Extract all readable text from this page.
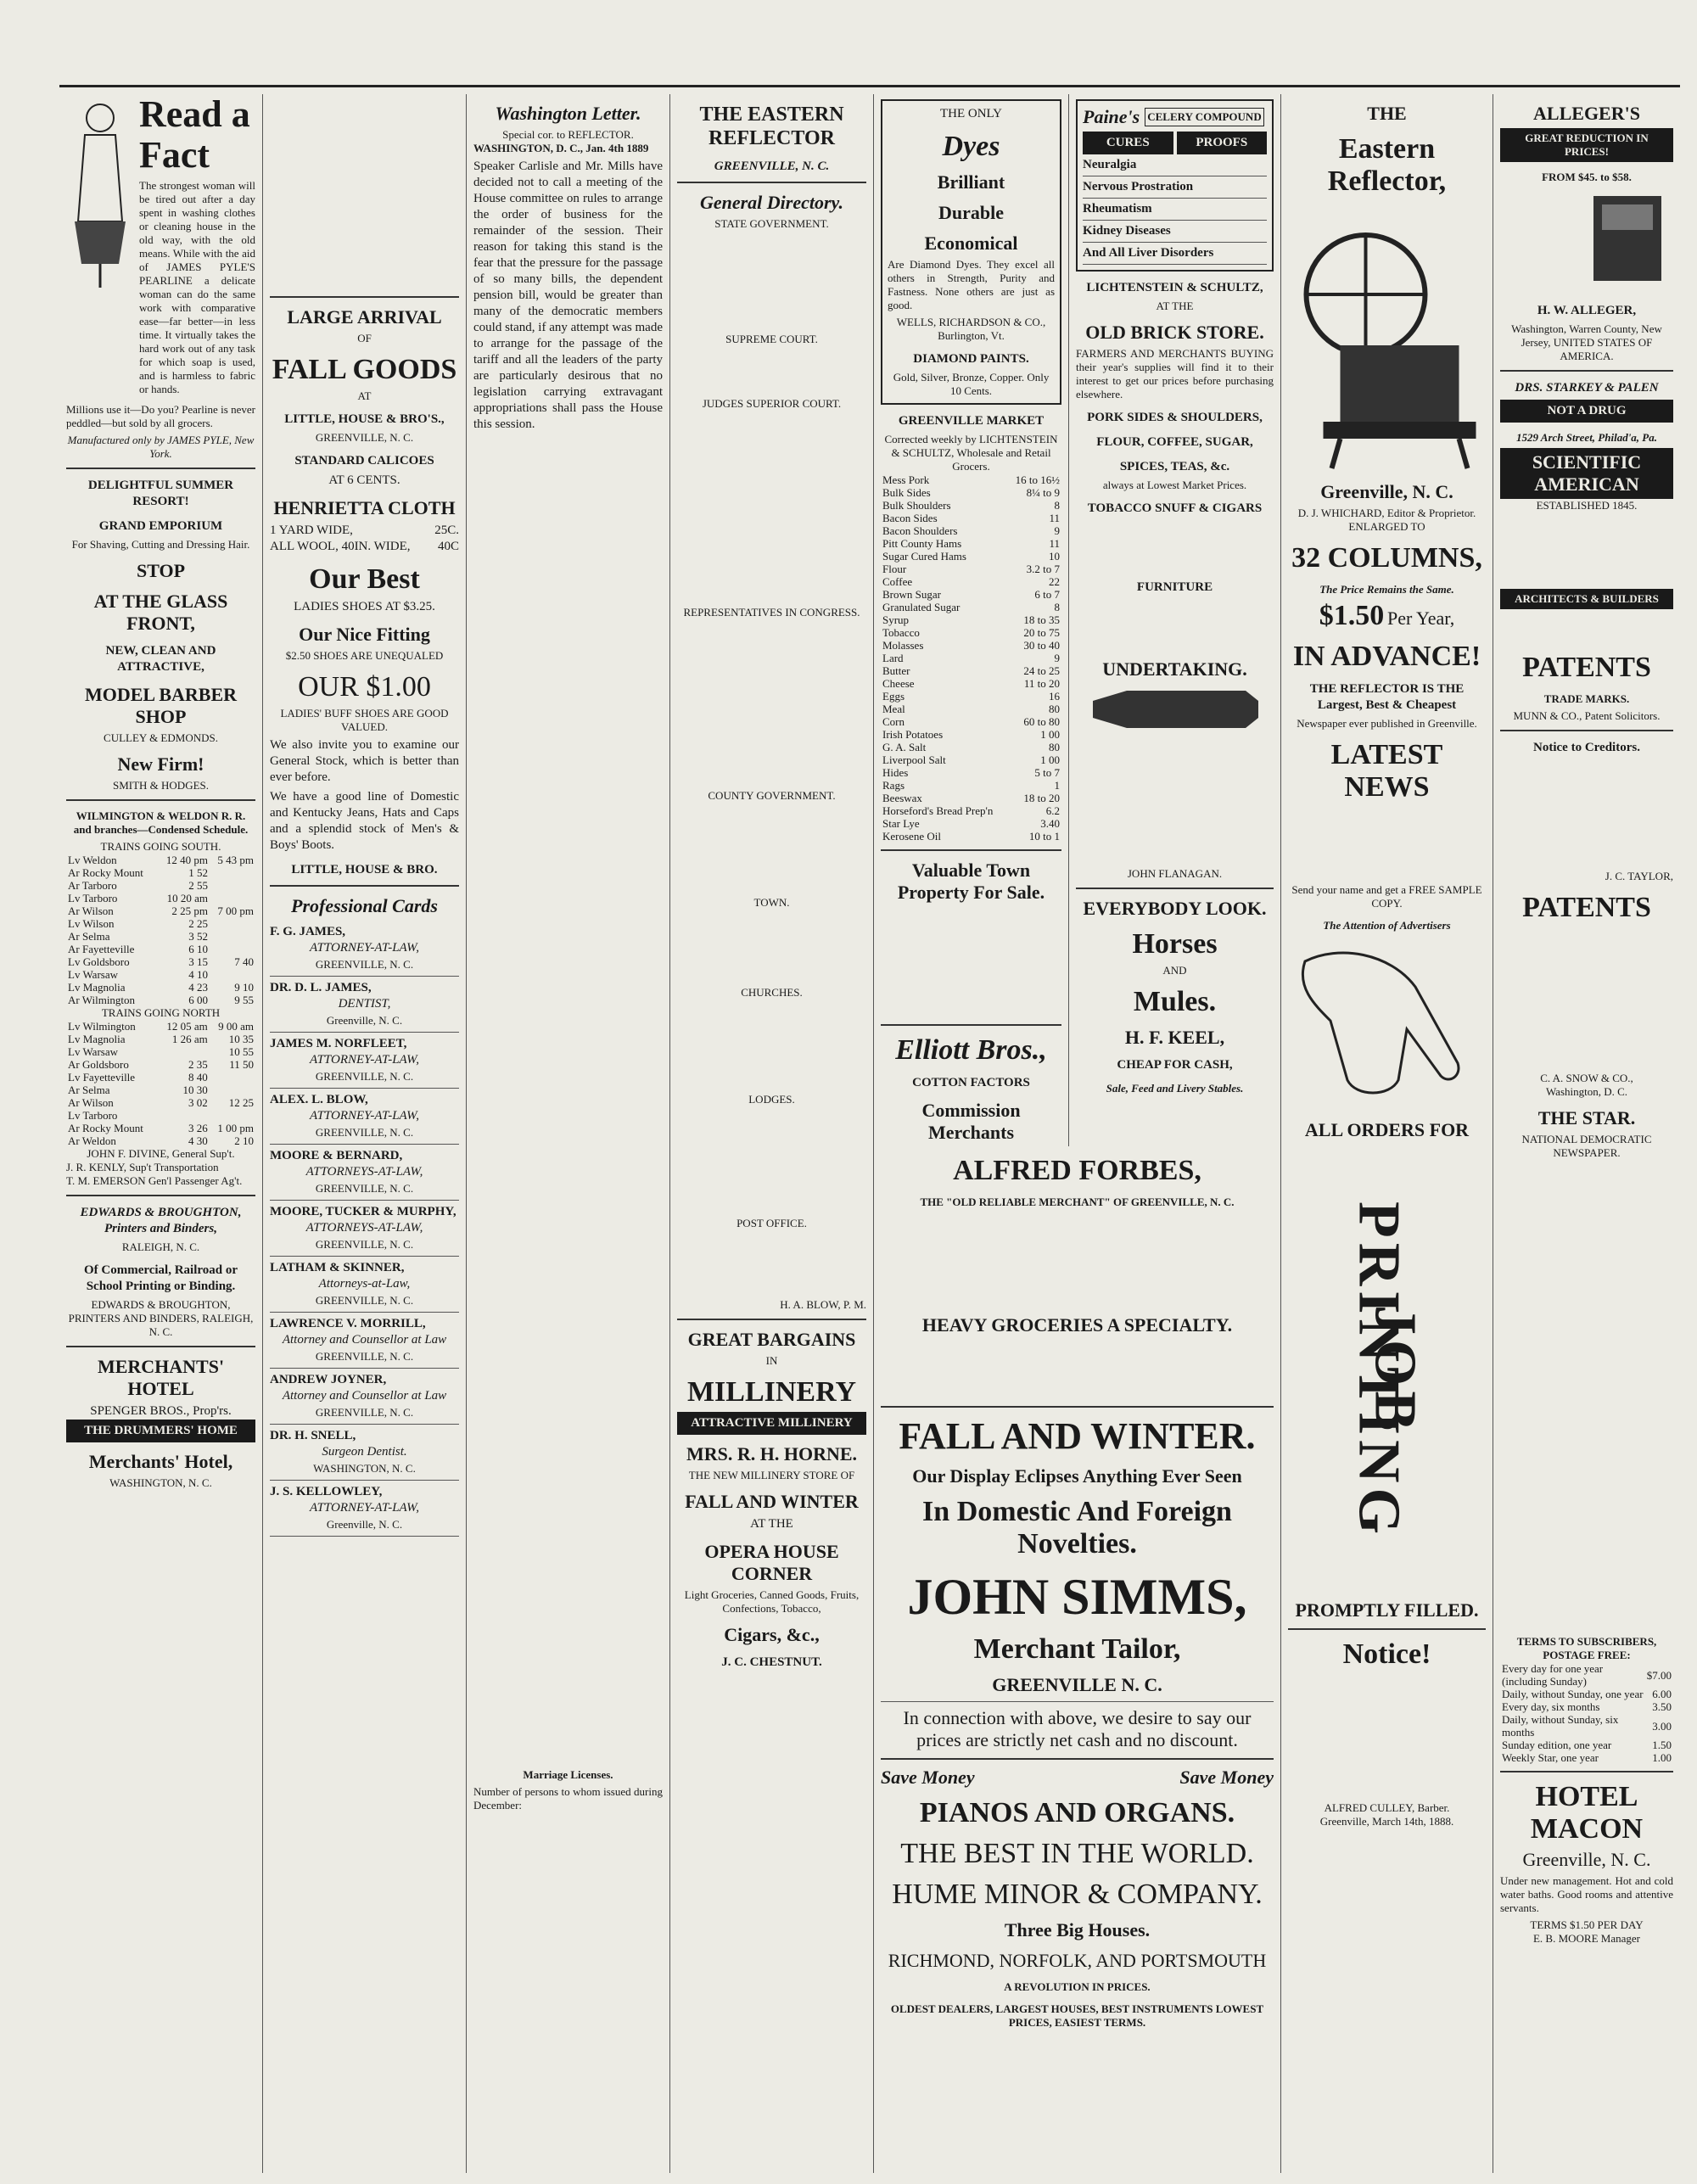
Read a Fact
The strongest woman will be tired out after a day spent in washing clothes or cleaning house in the old way, with the old means. While with the aid of JAMES PYLE'S PEARLINE a delicate woman can do the same work with comparative ease—far better—in less time. It virtually takes the hard work out of any task for which soap is used, and is harmless to fabric or hands.
Millions use it—Do you? Pearline is never peddled—but sold by all grocers.
Manufactured only by JAMES PYLE, New York.
DELIGHTFUL SUMMER RESORT!
GRAND EMPORIUM
For Shaving, Cutting and Dressing Hair.
STOP
AT THE GLASS FRONT,
NEW, CLEAN AND ATTRACTIVE,
MODEL BARBER SHOP
CULLEY & EDMONDS.
New Firm!
SMITH & HODGES.
WILMINGTON & WELDON R. R. and branches—Condensed Schedule.
TRAINS GOING SOUTH.
Lv Weldon	12 40 pm	5 43 pm
Ar Rocky Mount	1 52	
Ar Tarboro	2 55	
Lv Tarboro	10 20 am	
Ar Wilson	2 25 pm	7 00 pm
Lv Wilson	2 25	
Ar Selma	3 52	
Ar Fayetteville	6 10	
Lv Goldsboro	3 15	7 40
Lv Warsaw	4 10	
Lv Magnolia	4 23	9 10
Ar Wilmington	6 00	9 55
TRAINS GOING NORTH
Lv Wilmington	12 05 am	9 00 am
Lv Magnolia	1 26 am	10 35
Lv Warsaw		10 55
Ar Goldsboro	2 35	11 50
Lv Fayetteville	8 40	
Ar Selma	10 30	
Ar Wilson	3 02	12 25
Lv Tarboro		
Ar Rocky Mount	3 26	1 00 pm
Ar Weldon	4 30	2 10
JOHN F. DIVINE, General Sup't.
J. R. KENLY, Sup't Transportation
T. M. EMERSON Gen'l Passenger Ag't.
EDWARDS & BROUGHTON, Printers and Binders,
RALEIGH, N. C.
Of Commercial, Railroad or School Printing or Binding.
EDWARDS & BROUGHTON, PRINTERS AND BINDERS, RALEIGH, N. C.
MERCHANTS' HOTEL
SPENGER BROS., Prop'rs.
THE DRUMMERS' HOME
Merchants' Hotel,
WASHINGTON, N. C.
LARGE ARRIVAL
OF
FALL GOODS
AT
LITTLE, HOUSE & BRO'S.,
GREENVILLE, N. C.
STANDARD CALICOES
AT 6 CENTS.
HENRIETTA CLOTH
1 YARD WIDE,	25C.
ALL WOOL, 40IN. WIDE, 40C
Our Best
LADIES SHOES AT $3.25.
Our Nice Fitting
$2.50 SHOES ARE UNEQUALED
OUR $1.00
LADIES' BUFF SHOES ARE GOOD VALUED.
We also invite you to examine our General Stock, which is better than ever before.
We have a good line of Domestic and Kentucky Jeans, Hats and Caps and a splendid stock of Men's & Boys' Boots.
LITTLE, HOUSE & BRO.
Professional Cards
F. G. JAMES,
ATTORNEY-AT-LAW,
GREENVILLE, N. C.
DR. D. L. JAMES,
DENTIST,
Greenville, N. C.
JAMES M. NORFLEET,
ATTORNEY-AT-LAW,
GREENVILLE, N. C.
ALEX. L. BLOW,
ATTORNEY-AT-LAW,
GREENVILLE, N. C.
MOORE & BERNARD,
ATTORNEYS-AT-LAW,
GREENVILLE, N. C.
MOORE, TUCKER & MURPHY,
ATTORNEYS-AT-LAW,
GREENVILLE, N. C.
LATHAM & SKINNER,
Attorneys-at-Law,
GREENVILLE, N. C.
LAWRENCE V. MORRILL,
Attorney and Counsellor at Law
GREENVILLE, N. C.
ANDREW JOYNER,
Attorney and Counsellor at Law
GREENVILLE, N. C.
DR. H. SNELL,
Surgeon Dentist.
WASHINGTON, N. C.
J. S. KELLOWLEY,
ATTORNEY-AT-LAW,
Greenville, N. C.
Washington Letter.
Special cor. to REFLECTOR.
WASHINGTON, D. C., Jan. 4th 1889
Speaker Carlisle and Mr. Mills have decided not to call a meeting of the House committee on rules to arrange the order of business for the remainder of the session. Their reason for taking this stand is the fear that the pressure for the passage of so many bills, the dependent pension bill, would be greater than many of the democratic members could stand, if any attempt was made to arrange for the passage of the tariff and all the leaders of the party are particularly desirous that no legislation carrying extravagant appropriations shall pass the House this session.
Marriage Licenses.
Number of persons to whom issued during December:
THE EASTERN REFLECTOR
GREENVILLE, N. C.
General Directory.
STATE GOVERNMENT.
SUPREME COURT.
JUDGES SUPERIOR COURT.
REPRESENTATIVES IN CONGRESS.
COUNTY GOVERNMENT.
TOWN.
CHURCHES.
LODGES.
POST OFFICE.
H. A. BLOW, P. M.
GREAT BARGAINS
IN
MILLINERY
ATTRACTIVE MILLINERY
MRS. R. H. HORNE.
THE NEW MILLINERY STORE OF
FALL AND WINTER
AT THE
OPERA HOUSE CORNER
Light Groceries, Canned Goods, Fruits, Confections, Tobacco,
Cigars, &c.,
J. C. CHESTNUT.
THE ONLY
Dyes
Brilliant
Durable
Economical
Are Diamond Dyes. They excel all others in Strength, Purity and Fastness. None others are just as good.
WELLS, RICHARDSON & CO., Burlington, Vt.
DIAMOND PAINTS.
Gold, Silver, Bronze, Copper. Only 10 Cents.
GREENVILLE MARKET
Corrected weekly by LICHTENSTEIN & SCHULTZ, Wholesale and Retail Grocers.
Mess Pork	16 to 16½
Bulk Sides	8¼ to 9
Bulk Shoulders	8
Bacon Sides	11
Bacon Shoulders	9
Pitt County Hams	11
Sugar Cured Hams	10
Flour	3.2 to 7
Coffee	22
Brown Sugar	6 to 7
Granulated Sugar	8
Syrup	18 to 35
Tobacco	20 to 75
Molasses	30 to 40
Lard	9
Butter	24 to 25
Cheese	11 to 20
Eggs	16
Meal	80
Corn	60 to 80
Irish Potatoes	1 00
G. A. Salt	80
Liverpool Salt	1 00
Hides	5 to 7
Rags	1
Beeswax	18 to 20
Horseford's Bread Prep'n	6.2
Star Lye	3.40
Kerosene Oil	10 to 1
Valuable Town Property For Sale.
Elliott Bros.,
COTTON FACTORS
Commission Merchants
Paine's CELERY COMPOUND
CURES	PROOFS
Neuralgia
Nervous Prostration
Rheumatism
Kidney Diseases
And All Liver Disorders
LICHTENSTEIN & SCHULTZ,
AT THE
OLD BRICK STORE.
FARMERS AND MERCHANTS BUYING their year's supplies will find it to their interest to get our prices before purchasing elsewhere.
PORK SIDES & SHOULDERS,
FLOUR, COFFEE, SUGAR,
SPICES, TEAS, &c.
always at Lowest Market Prices.
TOBACCO SNUFF & CIGARS
FURNITURE
UNDERTAKING.
JOHN FLANAGAN.
EVERYBODY LOOK.
Horses
AND
Mules.
H. F. KEEL,
CHEAP FOR CASH,
Sale, Feed and Livery Stables.
ALFRED FORBES,
THE "OLD RELIABLE MERCHANT" OF GREENVILLE, N. C.
HEAVY GROCERIES A SPECIALTY.
FALL AND WINTER.
Our Display Eclipses Anything Ever Seen
In Domestic And Foreign Novelties.
JOHN SIMMS,
Merchant Tailor,
GREENVILLE N. C.
In connection with above, we desire to say our prices are strictly net cash and no discount.
Save Money	Save Money
PIANOS AND ORGANS.
THE BEST IN THE WORLD.
HUME MINOR & COMPANY.
Three Big Houses.
RICHMOND, NORFOLK, AND PORTSMOUTH
A REVOLUTION IN PRICES.
OLDEST DEALERS, LARGEST HOUSES, BEST INSTRUMENTS LOWEST PRICES, EASIEST TERMS.
THE
Eastern Reflector,
Greenville, N. C.
D. J. WHICHARD, Editor & Proprietor.
ENLARGED TO
32 COLUMNS,
The Price Remains the Same.
$1.50 Per Year,
IN ADVANCE!
THE REFLECTOR IS THE Largest, Best & Cheapest
Newspaper ever published in Greenville.
LATEST NEWS
Send your name and get a FREE SAMPLE COPY.
The Attention of Advertisers
ALL ORDERS FOR
JOB PRINTING
PROMPTLY FILLED.
Notice!
ALFRED CULLEY, Barber.
Greenville, March 14th, 1888.
ALLEGER'S
GREAT REDUCTION IN PRICES!
FROM $45. to $58.
H. W. ALLEGER,
Washington, Warren County, New Jersey, UNITED STATES OF AMERICA.
DRS. STARKEY & PALEN
NOT A DRUG
1529 Arch Street, Philad'a, Pa.
SCIENTIFIC AMERICAN
ESTABLISHED 1845.
ARCHITECTS & BUILDERS
PATENTS
TRADE MARKS.
MUNN & CO., Patent Solicitors.
Notice to Creditors.
J. C. TAYLOR,
PATENTS
C. A. SNOW & CO.,
Washington, D. C.
THE STAR.
NATIONAL DEMOCRATIC NEWSPAPER.
TERMS TO SUBSCRIBERS, POSTAGE FREE:
Every day for one year (including Sunday)	$7.00
Daily, without Sunday, one year	6.00
Every day, six months	3.50
Daily, without Sunday, six months	3.00
Sunday edition, one year	1.50
Weekly Star, one year	1.00
HOTEL MACON
Greenville, N. C.
Under new management. Hot and cold water baths. Good rooms and attentive servants.
TERMS $1.50 PER DAY
E. B. MOORE Manager
